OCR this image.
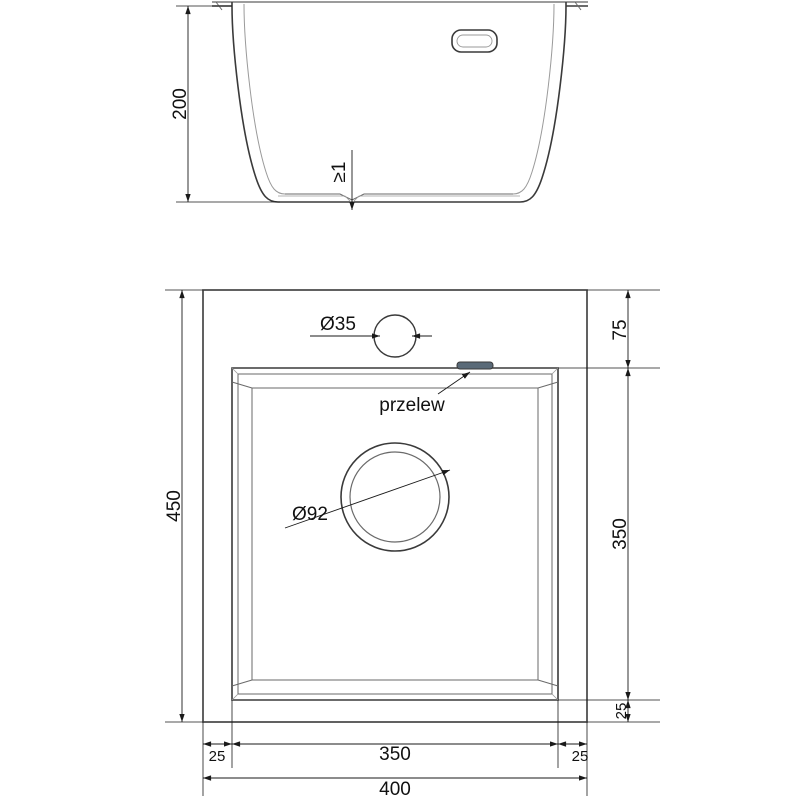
200
≥1
Ø35
przelew
Ø92
450
75
350
25
25	350	25
400
